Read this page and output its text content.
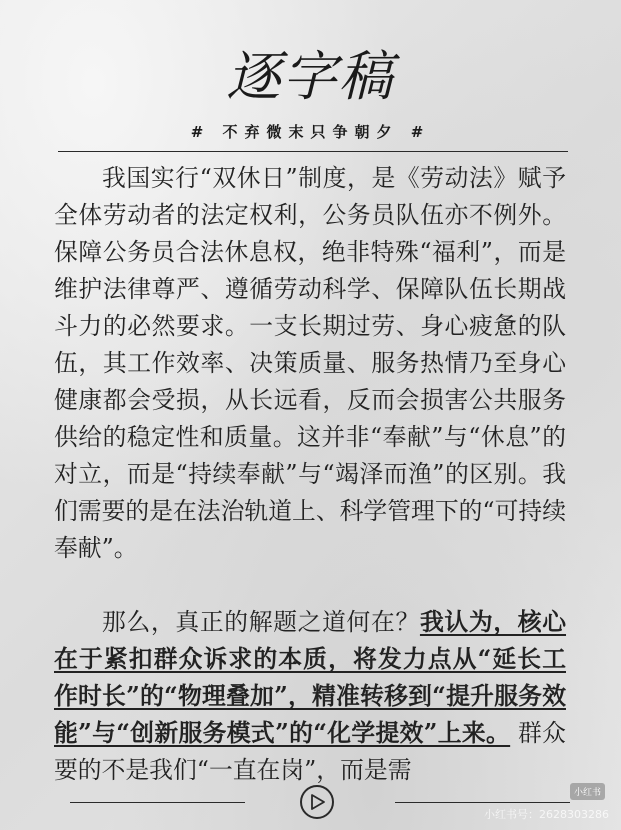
逐字稿
# 不弃微末只争朝夕 #

我国实行“双休日”制度，是《劳动法》赋予全体劳动者的法定权利，公务员队伍亦不例外。保障公务员合法休息权，绝非特殊“福利”，而是维护法律尊严、遵循劳动科学、保障队伍长期战斗力的必然要求。一支长期过劳、身心疲惫的队伍，其工作效率、决策质量、服务热情乃至身心健康都会受损，从长远看，反而会损害公共服务供给的稳定性和质量。这并非“奉献”与“休息”的对立，而是“持续奉献”与“竭泽而渔”的区别。我们需要的是在法治轨道上、科学管理下的“可持续奉献”。

那么，真正的解题之道何在？我认为，核心在于紧扣群众诉求的本质，将发力点从“延长工作时长”的“物理叠加”，精准转移到“提升服务效能”与“创新服务模式”的“化学提效”上来。 群众要的不是我们“一直在岗”，而是需

小红书
小红书号：2628303286
